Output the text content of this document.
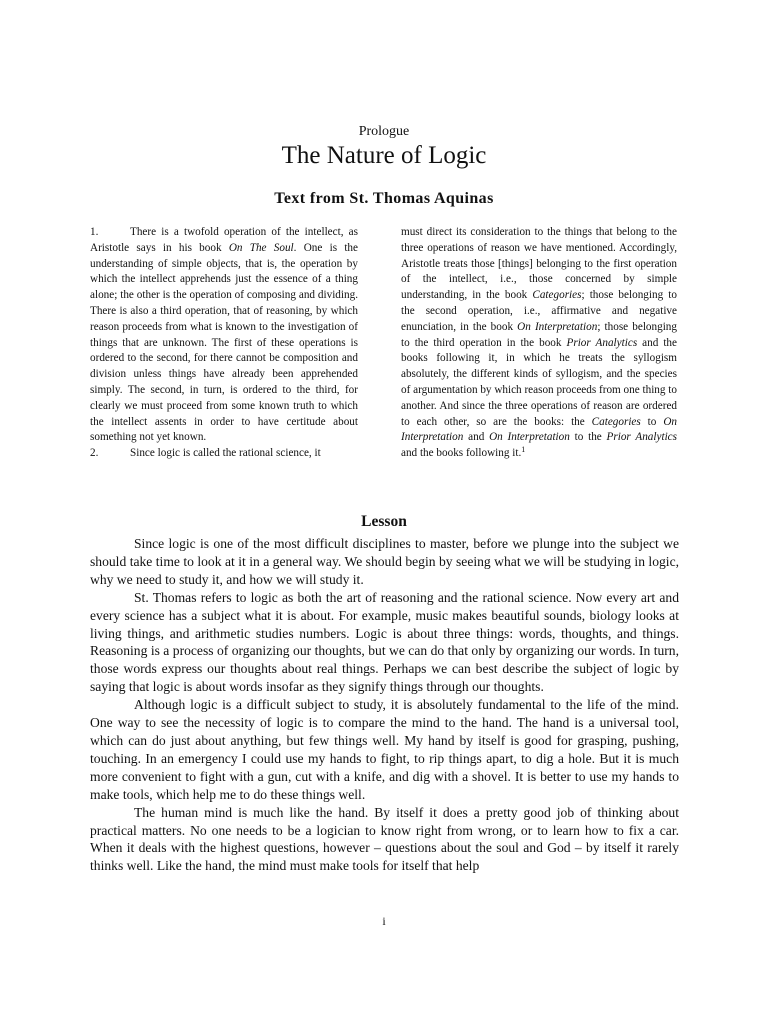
Prologue
The Nature of Logic
Text from St. Thomas Aquinas

1.	There is a twofold operation of the intellect, as Aristotle says in his book On The Soul. One is the understanding of simple objects, that is, the operation by which the intellect apprehends just the essence of a thing alone; the other is the operation of composing and dividing. There is also a third operation, that of reasoning, by which reason proceeds from what is known to the investigation of things that are unknown. The first of these operations is ordered to the second, for there cannot be composition and division unless things have already been apprehended simply. The second, in turn, is ordered to the third, for clearly we must proceed from some known truth to which the intellect assents in order to have certitude about something not yet known.

2.	Since logic is called the rational science, it

must direct its consideration to the things that belong to the three operations of reason we have mentioned. Accordingly, Aristotle treats those [things] belonging to the first operation of the intellect, i.e., those concerned by simple understanding, in the book Categories; those belonging to the second operation, i.e., affirmative and negative enunciation, in the book On Interpretation; those belonging to the third operation in the book Prior Analytics and the books following it, in which he treats the syllogism absolutely, the different kinds of syllogism, and the species of argumentation by which reason proceeds from one thing to another. And since the three operations of reason are ordered to each other, so are the books: the Categories to On Interpretation and On Interpretation to the Prior Analytics and the books following it.$^1$

Lesson

Since logic is one of the most difficult disciplines to master, before we plunge into the subject we should take time to look at it in a general way. We should begin by seeing what we will be studying in logic, why we need to study it, and how we will study it.

St. Thomas refers to logic as both the art of reasoning and the rational science. Now every art and every science has a subject what it is about. For example, music makes beautiful sounds, biology looks at living things, and arithmetic studies numbers. Logic is about three things: words, thoughts, and things. Reasoning is a process of organizing our thoughts, but we can do that only by organizing our words. In turn, those words express our thoughts about real things. Perhaps we can best describe the subject of logic by saying that logic is about words insofar as they signify things through our thoughts.

Although logic is a difficult subject to study, it is absolutely fundamental to the life of the mind. One way to see the necessity of logic is to compare the mind to the hand. The hand is a universal tool, which can do just about anything, but few things well. My hand by itself is good for grasping, pushing, touching. In an emergency I could use my hands to fight, to rip things apart, to dig a hole. But it is much more convenient to fight with a gun, cut with a knife, and dig with a shovel. It is better to use my hands to make tools, which help me to do these things well.

The human mind is much like the hand. By itself it does a pretty good job of thinking about practical matters. No one needs to be a logician to know right from wrong, or to learn how to fix a car. When it deals with the highest questions, however – questions about the soul and God – by itself it rarely thinks well. Like the hand, the mind must make tools for itself that help

i
